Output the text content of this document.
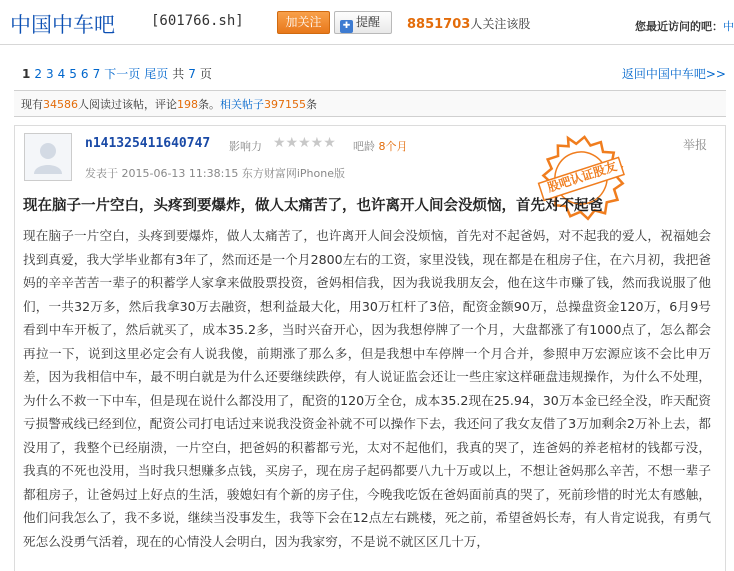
中国中车吧	[601766.sh]	加关注	✚ 提醒	8851703人关注该股	您最近访问的吧：中
1 2 3 4 5 6 7 下一页 尾页 共 7 页	返回中国中车吧>>
现有34586人阅读过该帖，评论198条。相关帖子397155条
n141325411640747 影响力 ★★★★★ 吧龄 8个月	举报
发表于 2015-06-13 11:38:15 东方财富网iPhone版	股吧认证股友
现在脑子一片空白，头疼到要爆炸，做人太痛苦了，也许离开人间会没烦恼，首先对不起爸
现在脑子一片空白，头疼到要爆炸，做人太痛苦了，也许离开人间会没烦恼，首先对不起爸妈，对不起我的爱人，祝福她会找到真爱，我大学毕业都有3年了，然而还是一个月2800左右的工资，家里没钱，现在都是在租房子住，在六月初，我把爸妈的辛辛苦苦一辈子的积蓄学人家拿来做股票投资，爸妈相信我，因为我说我朋友会，他在这牛市赚了钱，然而我说服了他们，一共32万多，然后我拿30万去融资，想利益最大化，用30万杠杆了3倍，配资金额90万，总操盘资金120万，6月9号看到中车开板了，然后就买了，成本35.2多，当时兴奋开心，因为我想停牌了一个月，大盘都涨了有1000点了，怎么都会再拉一下，说到这里必定会有人说我傻，前期涨了那么多，但是我想中车停牌一个月合并，参照申万宏源应该不会比申万差，因为我相信中车，最不明白就是为什么还要继续跌停，有人说证监会还让一些庄家这样砸盘违规操作，为什么不处理，为什么不救一下中车，但是现在说什么都没用了，配资的120万全仓，成本35.2现在25.94，30万本金已经全没，昨天配资亏损警戒线已经到位，配资公司打电话过来说我没资金补就不可以操作下去，我还问了我女友借了3万加剩余2万补上去，都没用了，我整个已经崩溃，一片空白，把爸妈的积蓄都亏光，太对不起他们，我真的哭了，连爸妈的养老棺材的钱都亏没，我真的不死也没用，当时我只想赚多点钱，买房子，现在房子起码都要八九十万或以上，不想让爸妈那么辛苦，不想一辈子都租房子，让爸妈过上好点的生活，骏媳妇有个新的房子住，今晚我吃饭在爸妈面前真的哭了，死前珍惜的时光太有感触，他们问我怎么了，我不多说，继续当没事发生，我等下会在12点左右跳楼，死之前，希望爸妈长寿，有人肯定说我，有勇气死怎么没勇气活着，现在的心情没人会明白，因为我家穷，不是说不就区区几十万，
